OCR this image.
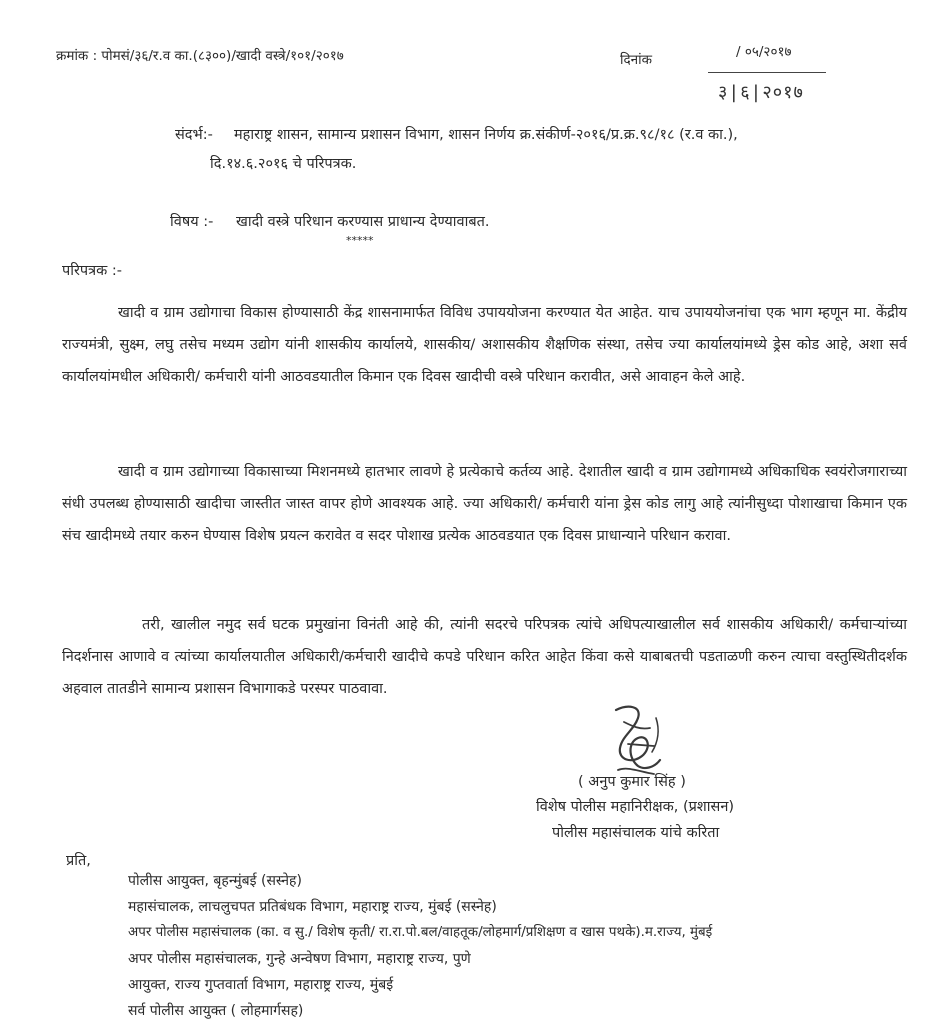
क्रमांक : पोमसं/३६/र.व का.(८३००)/खादी वस्त्रे/१०१/२०१७	दिनांक	/ ०५/२०१७
३|६|२०१७
संदर्भ:- महाराष्ट्र शासन, सामान्य प्रशासन विभाग, शासन निर्णय क्र.संकीर्ण-२०१६/प्र.क्र.९८/१८ (र.व का.),
दि.१४.६.२०१६ चे परिपत्रक.
विषय :- खादी वस्त्रे परिधान करण्यास प्राधान्य देण्यावाबत.
*****
परिपत्रक :-
खादी व ग्राम उद्योगाचा विकास होण्यासाठी केंद्र शासनामार्फत विविध उपाययोजना करण्यात येत आहेत. याच उपाययोजनांचा एक भाग म्हणून मा. केंद्रीय राज्यमंत्री, सुक्ष्म, लघु तसेच मध्यम उद्योग यांनी शासकीय कार्यालये, शासकीय/ अशासकीय शैक्षणिक संस्था, तसेच ज्या कार्यालयांमध्ये ड्रेस कोड आहे, अशा सर्व कार्यालयांमधील अधिकारी/ कर्मचारी यांनी आठवडयातील किमान एक दिवस खादीची वस्त्रे परिधान करावीत, असे आवाहन केले आहे.
खादी व ग्राम उद्योगाच्या विकासाच्या मिशनमध्ये हातभार लावणे हे प्रत्येकाचे कर्तव्य आहे. देशातील खादी व ग्राम उद्योगामध्ये अधिकाधिक स्वयंरोजगाराच्या संधी उपलब्ध होण्यासाठी खादीचा जास्तीत जास्त वापर होणे आवश्यक आहे. ज्या अधिकारी/ कर्मचारी यांना ड्रेस कोड लागु आहे त्यांनीसुध्दा पोशाखाचा किमान एक संच खादीमध्ये तयार करुन घेण्यास विशेष प्रयत्न करावेत व सदर पोशाख प्रत्येक आठवडयात एक दिवस प्राधान्याने परिधान करावा.
तरी, खालील नमुद सर्व घटक प्रमुखांना विनंती आहे की, त्यांनी सदरचे परिपत्रक त्यांचे अधिपत्याखालील सर्व शासकीय अधिकारी/ कर्मचाऱ्यांच्या निदर्शनास आणावे व त्यांच्या कार्यालयातील अधिकारी/कर्मचारी खादीचे कपडे परिधान करित आहेत किंवा कसे याबाबतची पडताळणी करुन त्याचा वस्तुस्थितीदर्शक अहवाल तातडीने सामान्य प्रशासन विभागाकडे परस्पर पाठवावा.
( अनुप कुमार सिंह )
विशेष पोलीस महानिरीक्षक, (प्रशासन)
पोलीस महासंचालक यांचे करिता
प्रति,
पोलीस आयुक्त, बृहन्मुंबई (सस्नेह)
महासंचालक, लाचलुचपत प्रतिबंधक विभाग, महाराष्ट्र राज्य, मुंबई (सस्नेह)
अपर पोलीस महासंचालक (का. व सु./ विशेष कृती/ रा.रा.पो.बल/वाहतूक/लोहमार्ग/प्रशिक्षण व खास पथके).म.राज्य, मुंबई
अपर पोलीस महासंचालक, गुन्हे अन्वेषण विभाग, महाराष्ट्र राज्य, पुणे
आयुक्त, राज्य गुप्तवार्ता विभाग, महाराष्ट्र राज्य, मुंबई
सर्व पोलीस आयुक्त ( लोहमार्गसह)
